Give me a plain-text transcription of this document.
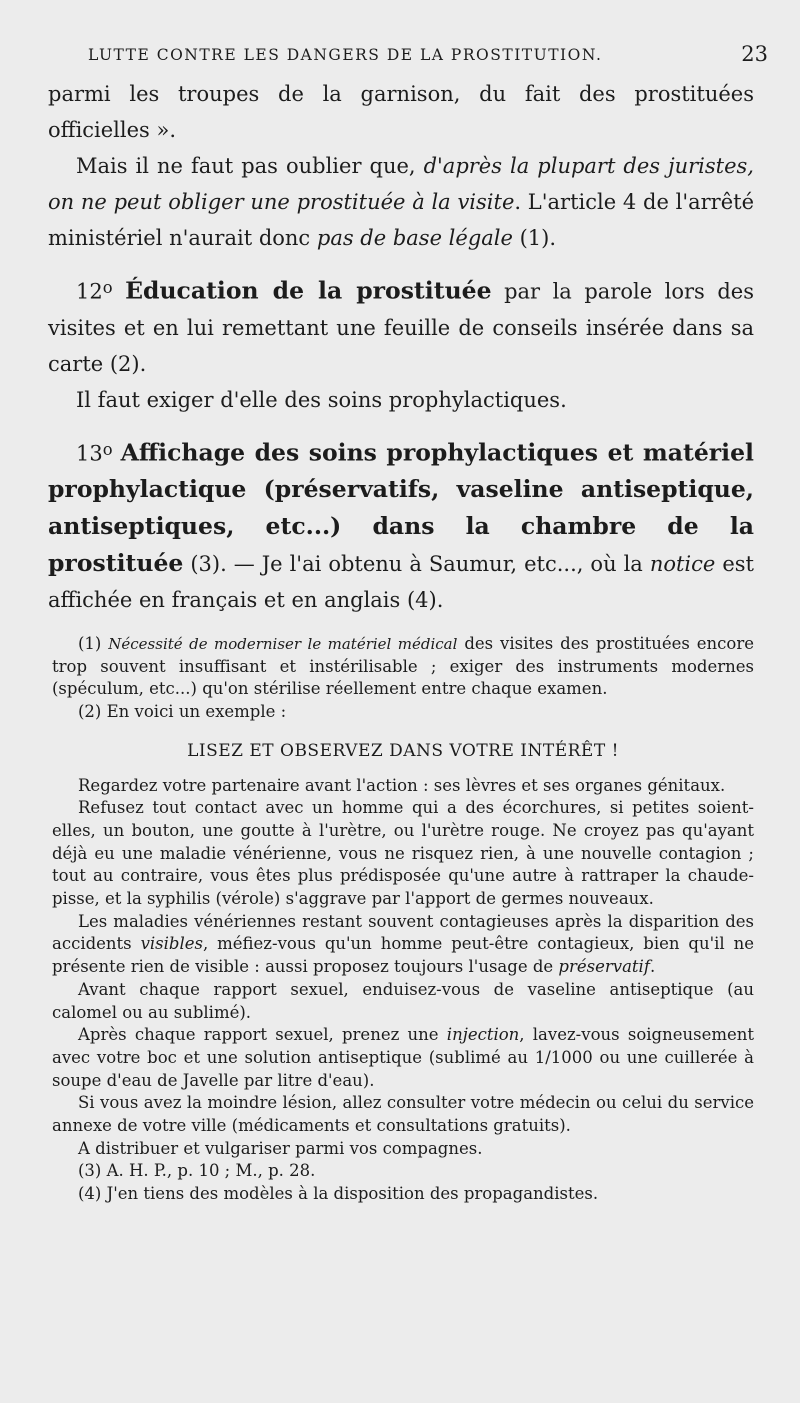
LUTTE CONTRE LES DANGERS DE LA PROSTITUTION.	23

parmi les troupes de la garnison, du fait des prostituées officielles ».

Mais il ne faut pas oublier que, d'après la plupart des juristes, on ne peut obliger une prostituée à la visite. L'article 4 de l'arrêté ministériel n'aurait donc pas de base légale (1).

12$^o$ Éducation de la prostituée par la parole lors des visites et en lui remettant une feuille de conseils insérée dans sa carte (2).

Il faut exiger d'elle des soins prophylactiques.

13$^o$ Affichage des soins prophylactiques et matériel prophylactique (préservatifs, vaseline antiseptique, antiseptiques, etc...) dans la chambre de la prostituée (3). — Je l'ai obtenu à Saumur, etc..., où la notice est affichée en français et en anglais (4).

(1) Nécessité de moderniser le matériel médical des visites des prostituées encore trop souvent insuffisant et instérilisable ; exiger des instruments modernes (spéculum, etc...) qu'on stérilise réellement entre chaque examen.

(2) En voici un exemple :

LISEZ ET OBSERVEZ DANS VOTRE INTÉRÊT !

Regardez votre partenaire avant l'action : ses lèvres et ses organes génitaux.

Refusez tout contact avec un homme qui a des écorchures, si petites soient-elles, un bouton, une goutte à l'urètre, ou l'urètre rouge. Ne croyez pas qu'ayant déjà eu une maladie vénérienne, vous ne risquez rien, à une nouvelle contagion ; tout au contraire, vous êtes plus prédisposée qu'une autre à rattraper la chaude-pisse, et la syphilis (vérole) s'aggrave par l'apport de germes nouveaux.

Les maladies vénériennes restant souvent contagieuses après la disparition des accidents visibles, méfiez-vous qu'un homme peut-être contagieux, bien qu'il ne présente rien de visible : aussi proposez toujours l'usage de préservatif.

Avant chaque rapport sexuel, enduisez-vous de vaseline antiseptique (au calomel ou au sublimé).

Après chaque rapport sexuel, prenez une injection, lavez-vous soigneusement avec votre boc et une solution antiseptique (sublimé au 1/1000 ou une cuillerée à soupe d'eau de Javelle par litre d'eau).

Si vous avez la moindre lésion, allez consulter votre médecin ou celui du service annexe de votre ville (médicaments et consultations gratuits).

A distribuer et vulgariser parmi vos compagnes.

(3) A. H. P., p. 10 ; M., p. 28.

(4) J'en tiens des modèles à la disposition des propagandistes.
